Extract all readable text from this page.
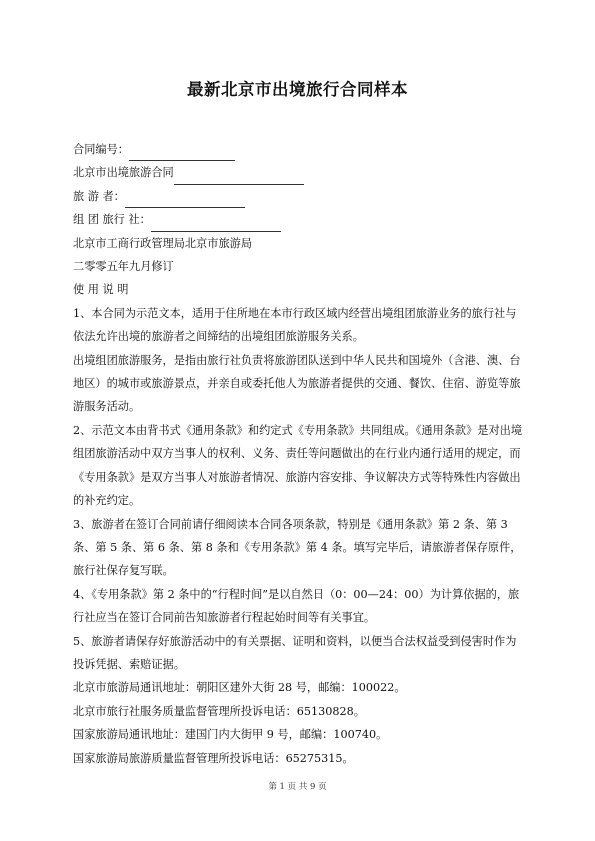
最新北京市出境旅行合同样本

合同编号：

北京市出境旅游合同

旅 游 者：

组 团 旅行 社：

北京市工商行政管理局北京市旅游局

二零零五年九月修订

使 用 说 明

1、本合同为示范文本，适用于住所地在本市行政区域内经营出境组团旅游业务的旅行社与依法允许出境的旅游者之间缔结的出境组团旅游服务关系。

出境组团旅游服务，是指由旅行社负责将旅游团队送到中华人民共和国境外（含港、澳、台地区）的城市或旅游景点，并亲自或委托他人为旅游者提供的交通、餐饮、住宿、游览等旅游服务活动。

2、示范文本由背书式《通用条款》和约定式《专用条款》共同组成。《通用条款》是对出境组团旅游活动中双方当事人的权利、义务、责任等问题做出的在行业内通行适用的规定，而《专用条款》是双方当事人对旅游者情况、旅游内容安排、争议解决方式等特殊性内容做出的补充约定。

3、旅游者在签订合同前请仔细阅读本合同各项条款，特别是《通用条款》第 2 条、第 3 条、第 5 条、第 6 条、第 8 条和《专用条款》第 4 条。填写完毕后，请旅游者保存原件，旅行社保存复写联。

4、《专用条款》第 2 条中的“行程时间”是以自然日（0：00—24：00）为计算依据的，旅行社应当在签订合同前告知旅游者行程起始时间等有关事宜。

5、旅游者请保存好旅游活动中的有关票据、证明和资料，以便当合法权益受到侵害时作为投诉凭据、索赔证据。

北京市旅游局通讯地址：朝阳区建外大街 28 号，邮编：100022。

北京市旅行社服务质量监督管理所投诉电话：65130828。

国家旅游局通讯地址：建国门内大街甲 9 号，邮编：100740。

国家旅游局旅游质量监督管理所投诉电话：65275315。

第 1 页 共 9 页
